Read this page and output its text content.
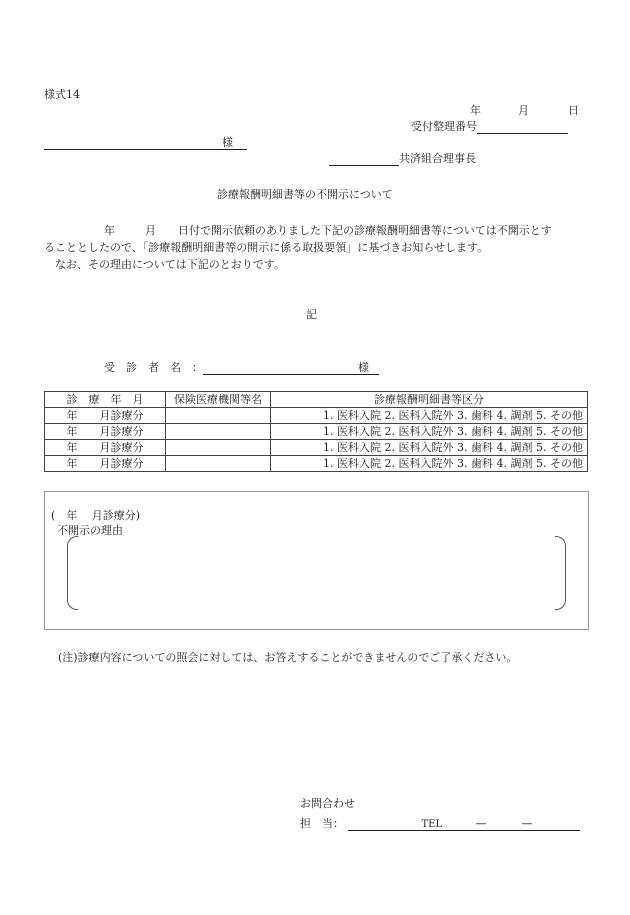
様式14
年	月	日
受付整理番号
様
共済組合理事長
診療報酬明細書等の不開示について
年	月 日付で開示依頼のありました下記の診療報酬明細書等については不開示とす
ることとしたので、「診療報酬明細書等の開示に係る取扱要領」に基づきお知らせします。
なお、その理由については下記のとおりです。
記
受　診　者　名　：	様
診　療　年　月	保険医療機関等名	診療報酬明細書等区分
年　　月診療分		1. 医科入院 2. 医科入院外 3. 歯科 4. 調剤 5. その他
年　　月診療分		1. 医科入院 2. 医科入院外 3. 歯科 4. 調剤 5. その他
年　　月診療分		1. 医科入院 2. 医科入院外 3. 歯科 4. 調剤 5. その他
年　　月診療分		1. 医科入院 2. 医科入院外 3. 歯科 4. 調剤 5. その他
(　年　 月診療分)
不開示の理由
(注)診療内容についての照会に対しては、お答えすることができませんのでご了承ください。
お問合わせ
担　当：	TEL	—	—
